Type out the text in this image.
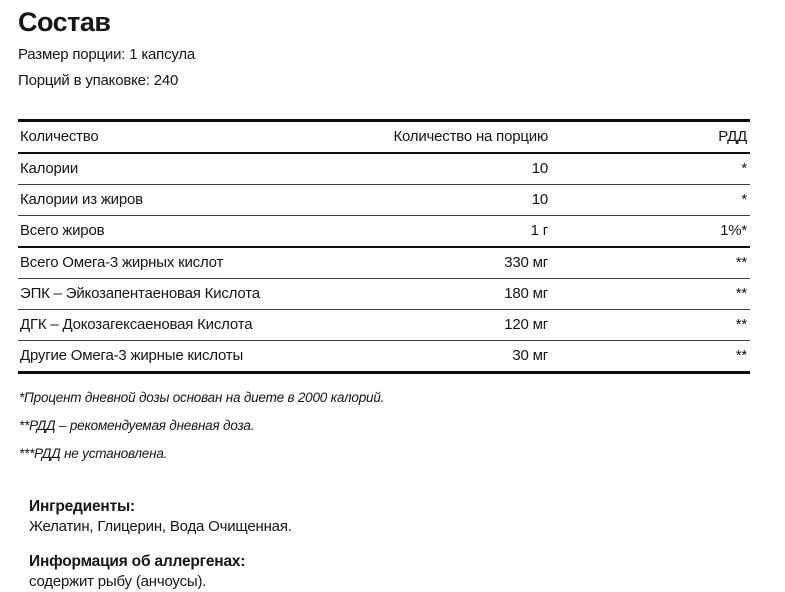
Состав

Размер порции: 1 капсула

Порций в упаковке: 240

Количество	Количество на порцию	РДД
Калории	10	*
Калории из жиров	10	*
Всего жиров	1 г	1%*
Всего Омега-3 жирных кислот	330 мг	**
ЭПК – Эйкозапентаеновая Кислота	180 мг	**
ДГК – Докозагексаеновая Кислота	120 мг	**
Другие Омега-3 жирные кислоты	30 мг	**

*Процент дневной дозы основан на диете в 2000 калорий.

**РДД – рекомендуемая дневная доза.

***РДД не установлена.

Ингредиенты:

Желатин, Глицерин, Вода Очищенная.

Информация об аллергенах:

содержит рыбу (анчоусы).
